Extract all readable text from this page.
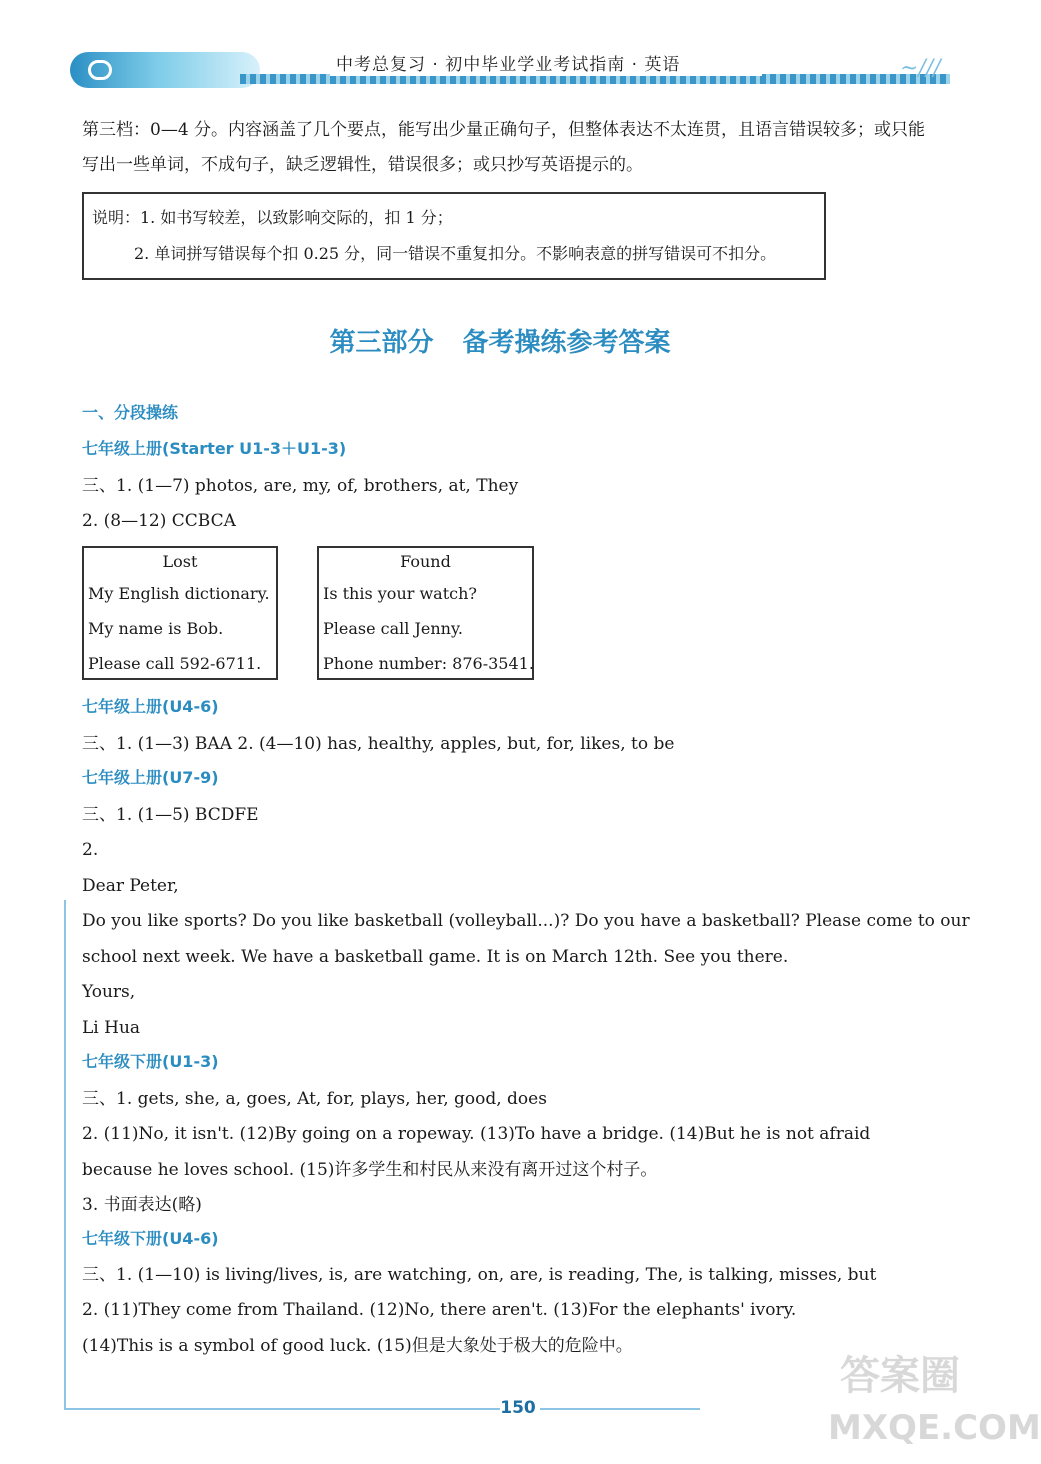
中考总复习 · 初中毕业学业考试指南 · 英语	~///
第三档：0—4 分。内容涵盖了几个要点，能写出少量正确句子，但整体表达不太连贯，且语言错误较多；或只能
写出一些单词，不成句子，缺乏逻辑性，错误很多；或只抄写英语提示的。
说明：1. 如书写较差，以致影响交际的，扣 1 分；
2. 单词拼写错误每个扣 0.25 分，同一错误不重复扣分。不影响表意的拼写错误可不扣分。
第三部分 备考操练参考答案
一、分段操练
七年级上册(Starter U1-3＋U1-3)
三、1. (1—7) photos, are, my, of, brothers, at, They
2. (8—12) CCBCA
Lost
My English dictionary.
My name is Bob.
Please call 592-6711.
Found
Is this your watch?
Please call Jenny.
Phone number: 876-3541.
七年级上册(U4-6)
三、1. (1—3) BAA 2. (4—10) has, healthy, apples, but, for, likes, to be
七年级上册(U7-9)
三、1. (1—5) BCDFE
2.
Dear Peter,
Do you like sports? Do you like basketball (volleyball...)? Do you have a basketball? Please come to our
school next week. We have a basketball game. It is on March 12th. See you there.
Yours,
Li Hua
七年级下册(U1-3)
三、1. gets, she, a, goes, At, for, plays, her, good, does
2. (11)No, it isn't. (12)By going on a ropeway. (13)To have a bridge. (14)But he is not afraid
because he loves school. (15)许多学生和村民从来没有离开过这个村子。
3. 书面表达(略)
七年级下册(U4-6)
三、1. (1—10) is living/lives, is, are watching, on, are, is reading, The, is talking, misses, but
2. (11)They come from Thailand. (12)No, there aren't. (13)For the elephants' ivory.
(14)This is a symbol of good luck. (15)但是大象处于极大的危险中。
150
答案圈
MXQE.COM
